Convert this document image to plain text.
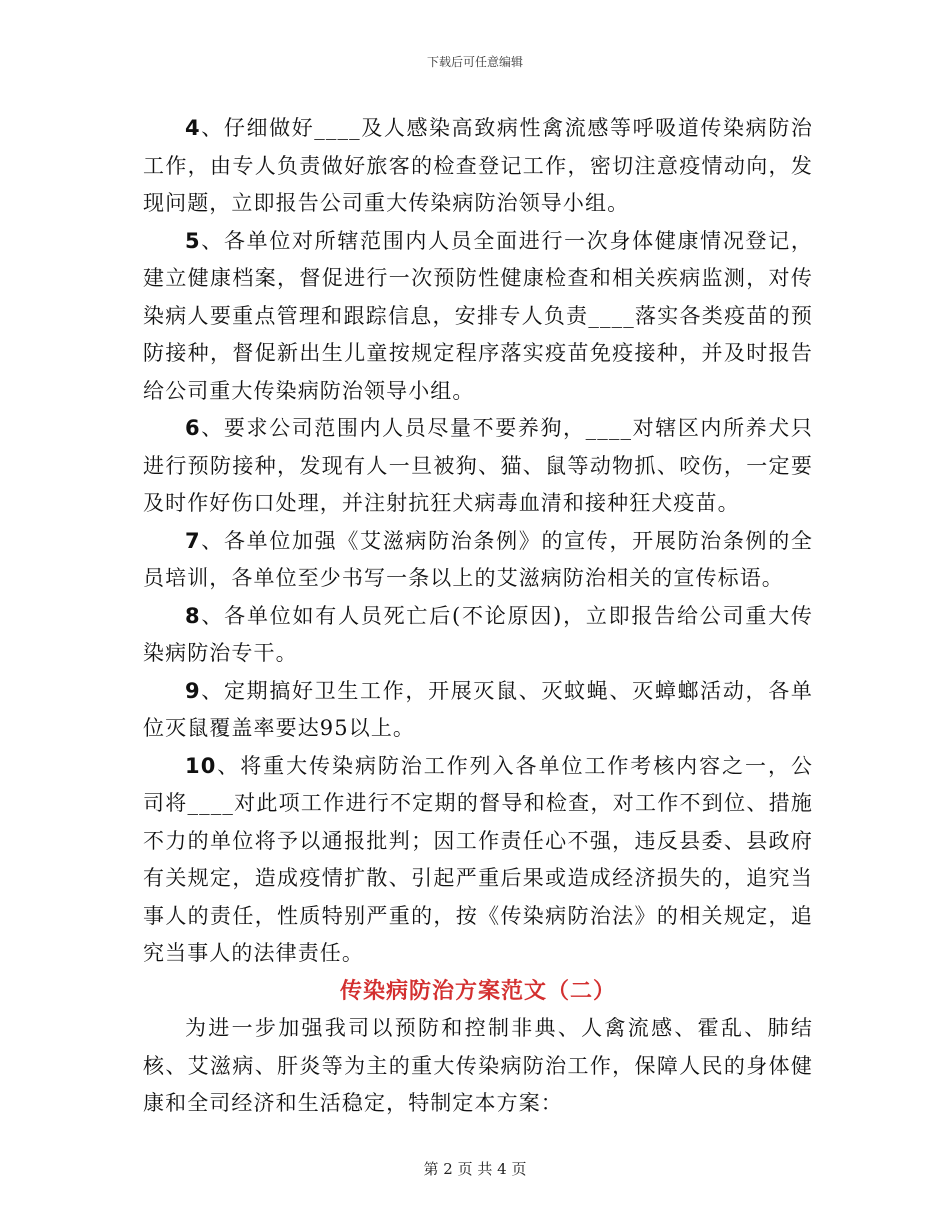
下载后可任意编辑

4、仔细做好____及人感染高致病性禽流感等呼吸道传染病防治工作，由专人负责做好旅客的检查登记工作，密切注意疫情动向，发现问题，立即报告公司重大传染病防治领导小组。

5、各单位对所辖范围内人员全面进行一次身体健康情况登记，建立健康档案，督促进行一次预防性健康检查和相关疾病监测，对传染病人要重点管理和跟踪信息，安排专人负责____落实各类疫苗的预防接种，督促新出生儿童按规定程序落实疫苗免疫接种，并及时报告给公司重大传染病防治领导小组。

6、要求公司范围内人员尽量不要养狗，____对辖区内所养犬只进行预防接种，发现有人一旦被狗、猫、鼠等动物抓、咬伤，一定要及时作好伤口处理，并注射抗狂犬病毒血清和接种狂犬疫苗。

7、各单位加强《艾滋病防治条例》的宣传，开展防治条例的全员培训，各单位至少书写一条以上的艾滋病防治相关的宣传标语。

8、各单位如有人员死亡后(不论原因)，立即报告给公司重大传染病防治专干。

9、定期搞好卫生工作，开展灭鼠、灭蚊蝇、灭蟑螂活动，各单位灭鼠覆盖率要达95以上。

10、将重大传染病防治工作列入各单位工作考核内容之一，公司将____对此项工作进行不定期的督导和检查，对工作不到位、措施不力的单位将予以通报批判；因工作责任心不强，违反县委、县政府有关规定，造成疫情扩散、引起严重后果或造成经济损失的，追究当事人的责任，性质特别严重的，按《传染病防治法》的相关规定，追究当事人的法律责任。

传染病防治方案范文（二）

为进一步加强我司以预防和控制非典、人禽流感、霍乱、肺结核、艾滋病、肝炎等为主的重大传染病防治工作，保障人民的身体健康和全司经济和生活稳定，特制定本方案：

第 2 页 共 4 页
